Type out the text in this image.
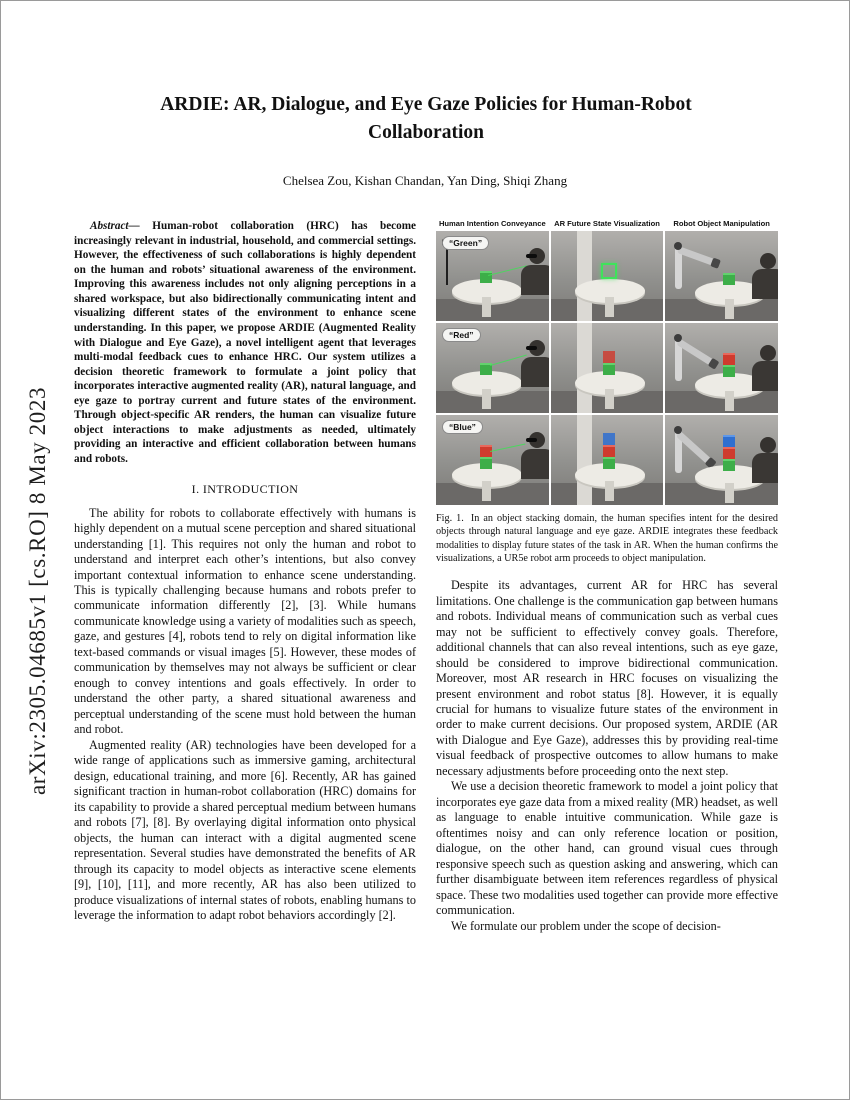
arXiv:2305.04685v1 [cs.RO] 8 May 2023
ARDIE: AR, Dialogue, and Eye Gaze Policies for Human-Robot Collaboration
Chelsea Zou, Kishan Chandan, Yan Ding, Shiqi Zhang

Abstract— Human-robot collaboration (HRC) has become increasingly relevant in industrial, household, and commercial settings. However, the effectiveness of such collaborations is highly dependent on the human and robots’ situational awareness of the environment. Improving this awareness includes not only aligning perceptions in a shared workspace, but also bidirectionally communicating intent and visualizing different states of the environment to enhance scene understanding. In this paper, we propose ARDIE (Augmented Reality with Dialogue and Eye Gaze), a novel intelligent agent that leverages multi-modal feedback cues to enhance HRC. Our system utilizes a decision theoretic framework to formulate a joint policy that incorporates interactive augmented reality (AR), natural language, and eye gaze to portray current and future states of the environment. Through object-specific AR renders, the human can visualize future object interactions to make adjustments as needed, ultimately providing an interactive and efficient collaboration between humans and robots.

I. INTRODUCTION

The ability for robots to collaborate effectively with humans is highly dependent on a mutual scene perception and shared situational understanding [1]. This requires not only the human and robot to understand and interpret each other’s intentions, but also convey important contextual information to enhance scene understanding. This is typically challenging because humans and robots prefer to communicate information differently [2], [3]. While humans communicate knowledge using a variety of modalities such as speech, gaze, and gestures [4], robots tend to rely on digital information like text-based commands or visual images [5]. However, these modes of communication by themselves may not always be sufficient or clear enough to convey intentions and goals effectively. In order to understand the other party, a shared situational awareness and perceptual understanding of the scene must hold between the human and robot.

Augmented reality (AR) technologies have been developed for a wide range of applications such as immersive gaming, architectural design, educational training, and more [6]. Recently, AR has gained significant traction in human-robot collaboration (HRC) domains for its capability to provide a shared perceptual medium between humans and robots [7], [8]. By overlaying digital information onto physical objects, the human can interact with a digital augmented scene representation. Several studies have demonstrated the benefits of AR through its capacity to model objects as interactive scene elements [9], [10], [11], and more recently, AR has also been utilized to produce visualizations of internal states of robots, enabling humans to leverage the information to adapt robot behaviors accordingly [2].

Human Intention Conveyance	AR Future State Visualization	Robot Object Manipulation
“Green”
“Red”
“Blue”
Fig. 1. In an object stacking domain, the human specifies intent for the desired objects through natural language and eye gaze. ARDIE integrates these feedback modalities to display future states of the task in AR. When the human confirms the visualizations, a UR5e robot arm proceeds to object manipulation.

Despite its advantages, current AR for HRC has several limitations. One challenge is the communication gap between humans and robots. Individual means of communication such as verbal cues may not be sufficient to effectively convey goals. Therefore, additional channels that can also reveal intentions, such as eye gaze, should be considered to improve bidirectional communication. Moreover, most AR research in HRC focuses on visualizing the present environment and robot status [8]. However, it is equally crucial for humans to visualize future states of the environment in order to make current decisions. Our proposed system, ARDIE (AR with Dialogue and Eye Gaze), addresses this by providing real-time visual feedback of prospective outcomes to allow humans to make necessary adjustments before proceeding onto the next step.

We use a decision theoretic framework to model a joint policy that incorporates eye gaze data from a mixed reality (MR) headset, as well as language to enable intuitive communication. While gaze is oftentimes noisy and can only reference location or position, dialogue, on the other hand, can ground visual cues through responsive speech such as question asking and answering, which can further disambiguate between item references regardless of physical space. These two modalities used together can provide more effective communication.

We formulate our problem under the scope of decision-
